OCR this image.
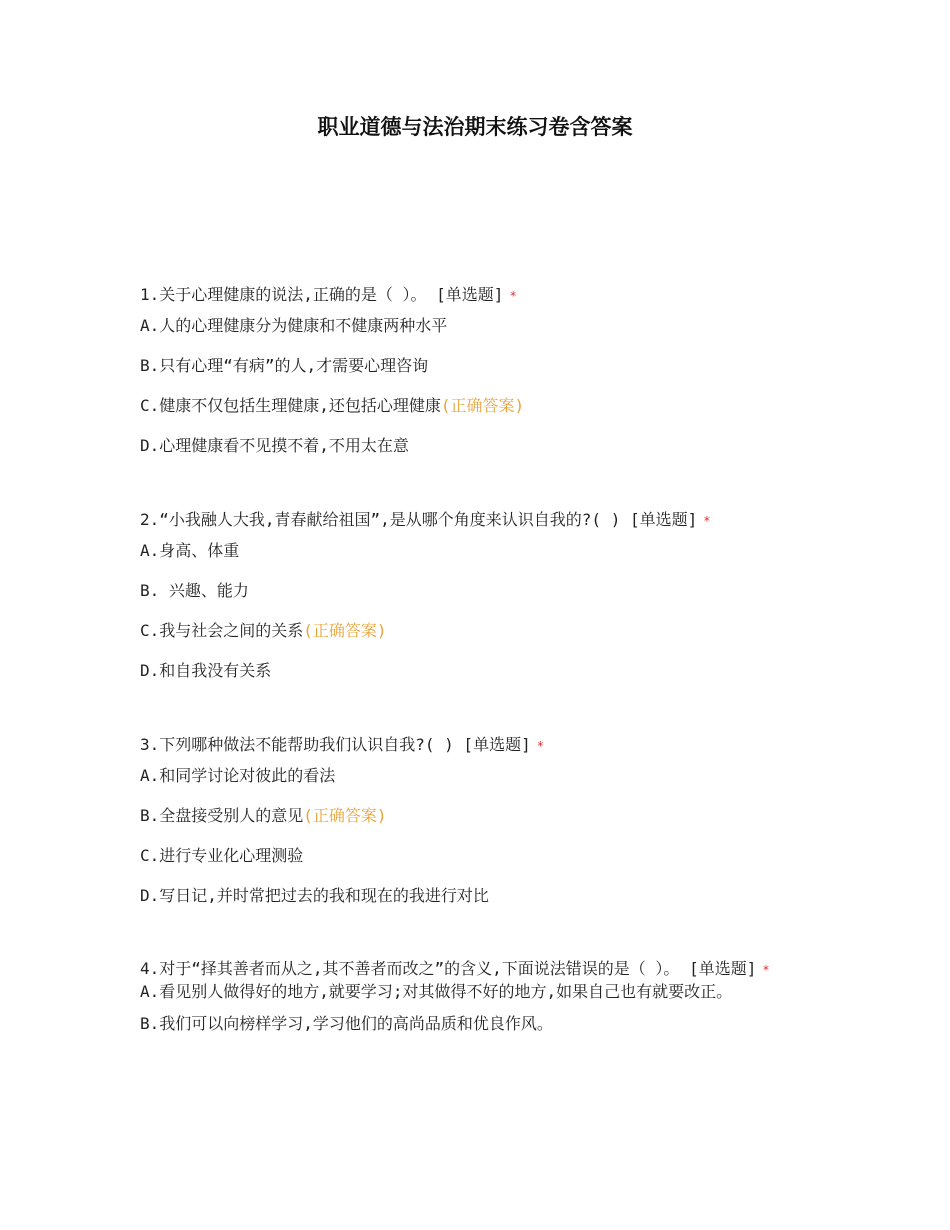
职业道德与法治期末练习卷含答案

1.关于心理健康的说法,正确的是（ ）。 [单选题] *

A.人的心理健康分为健康和不健康两种水平

B.只有心理“有病”的人,才需要心理咨询

C.健康不仅包括生理健康,还包括心理健康(正确答案)

D.心理健康看不见摸不着,不用太在意

2.“小我融人大我,青春献给祖国”,是从哪个角度来认识自我的?( ) [单选题] *

A.身高、体重

B. 兴趣、能力

C.我与社会之间的关系(正确答案)

D.和自我没有关系

3.下列哪种做法不能帮助我们认识自我?( ) [单选题] *

A.和同学讨论对彼此的看法

B.全盘接受别人的意见(正确答案)

C.进行专业化心理测验

D.写日记,并时常把过去的我和现在的我进行对比

4.对于“择其善者而从之,其不善者而改之”的含义,下面说法错误的是（ ）。 [单选题] *

A.看见别人做得好的地方,就要学习;对其做得不好的地方,如果自己也有就要改正。

B.我们可以向榜样学习,学习他们的高尚品质和优良作风。
